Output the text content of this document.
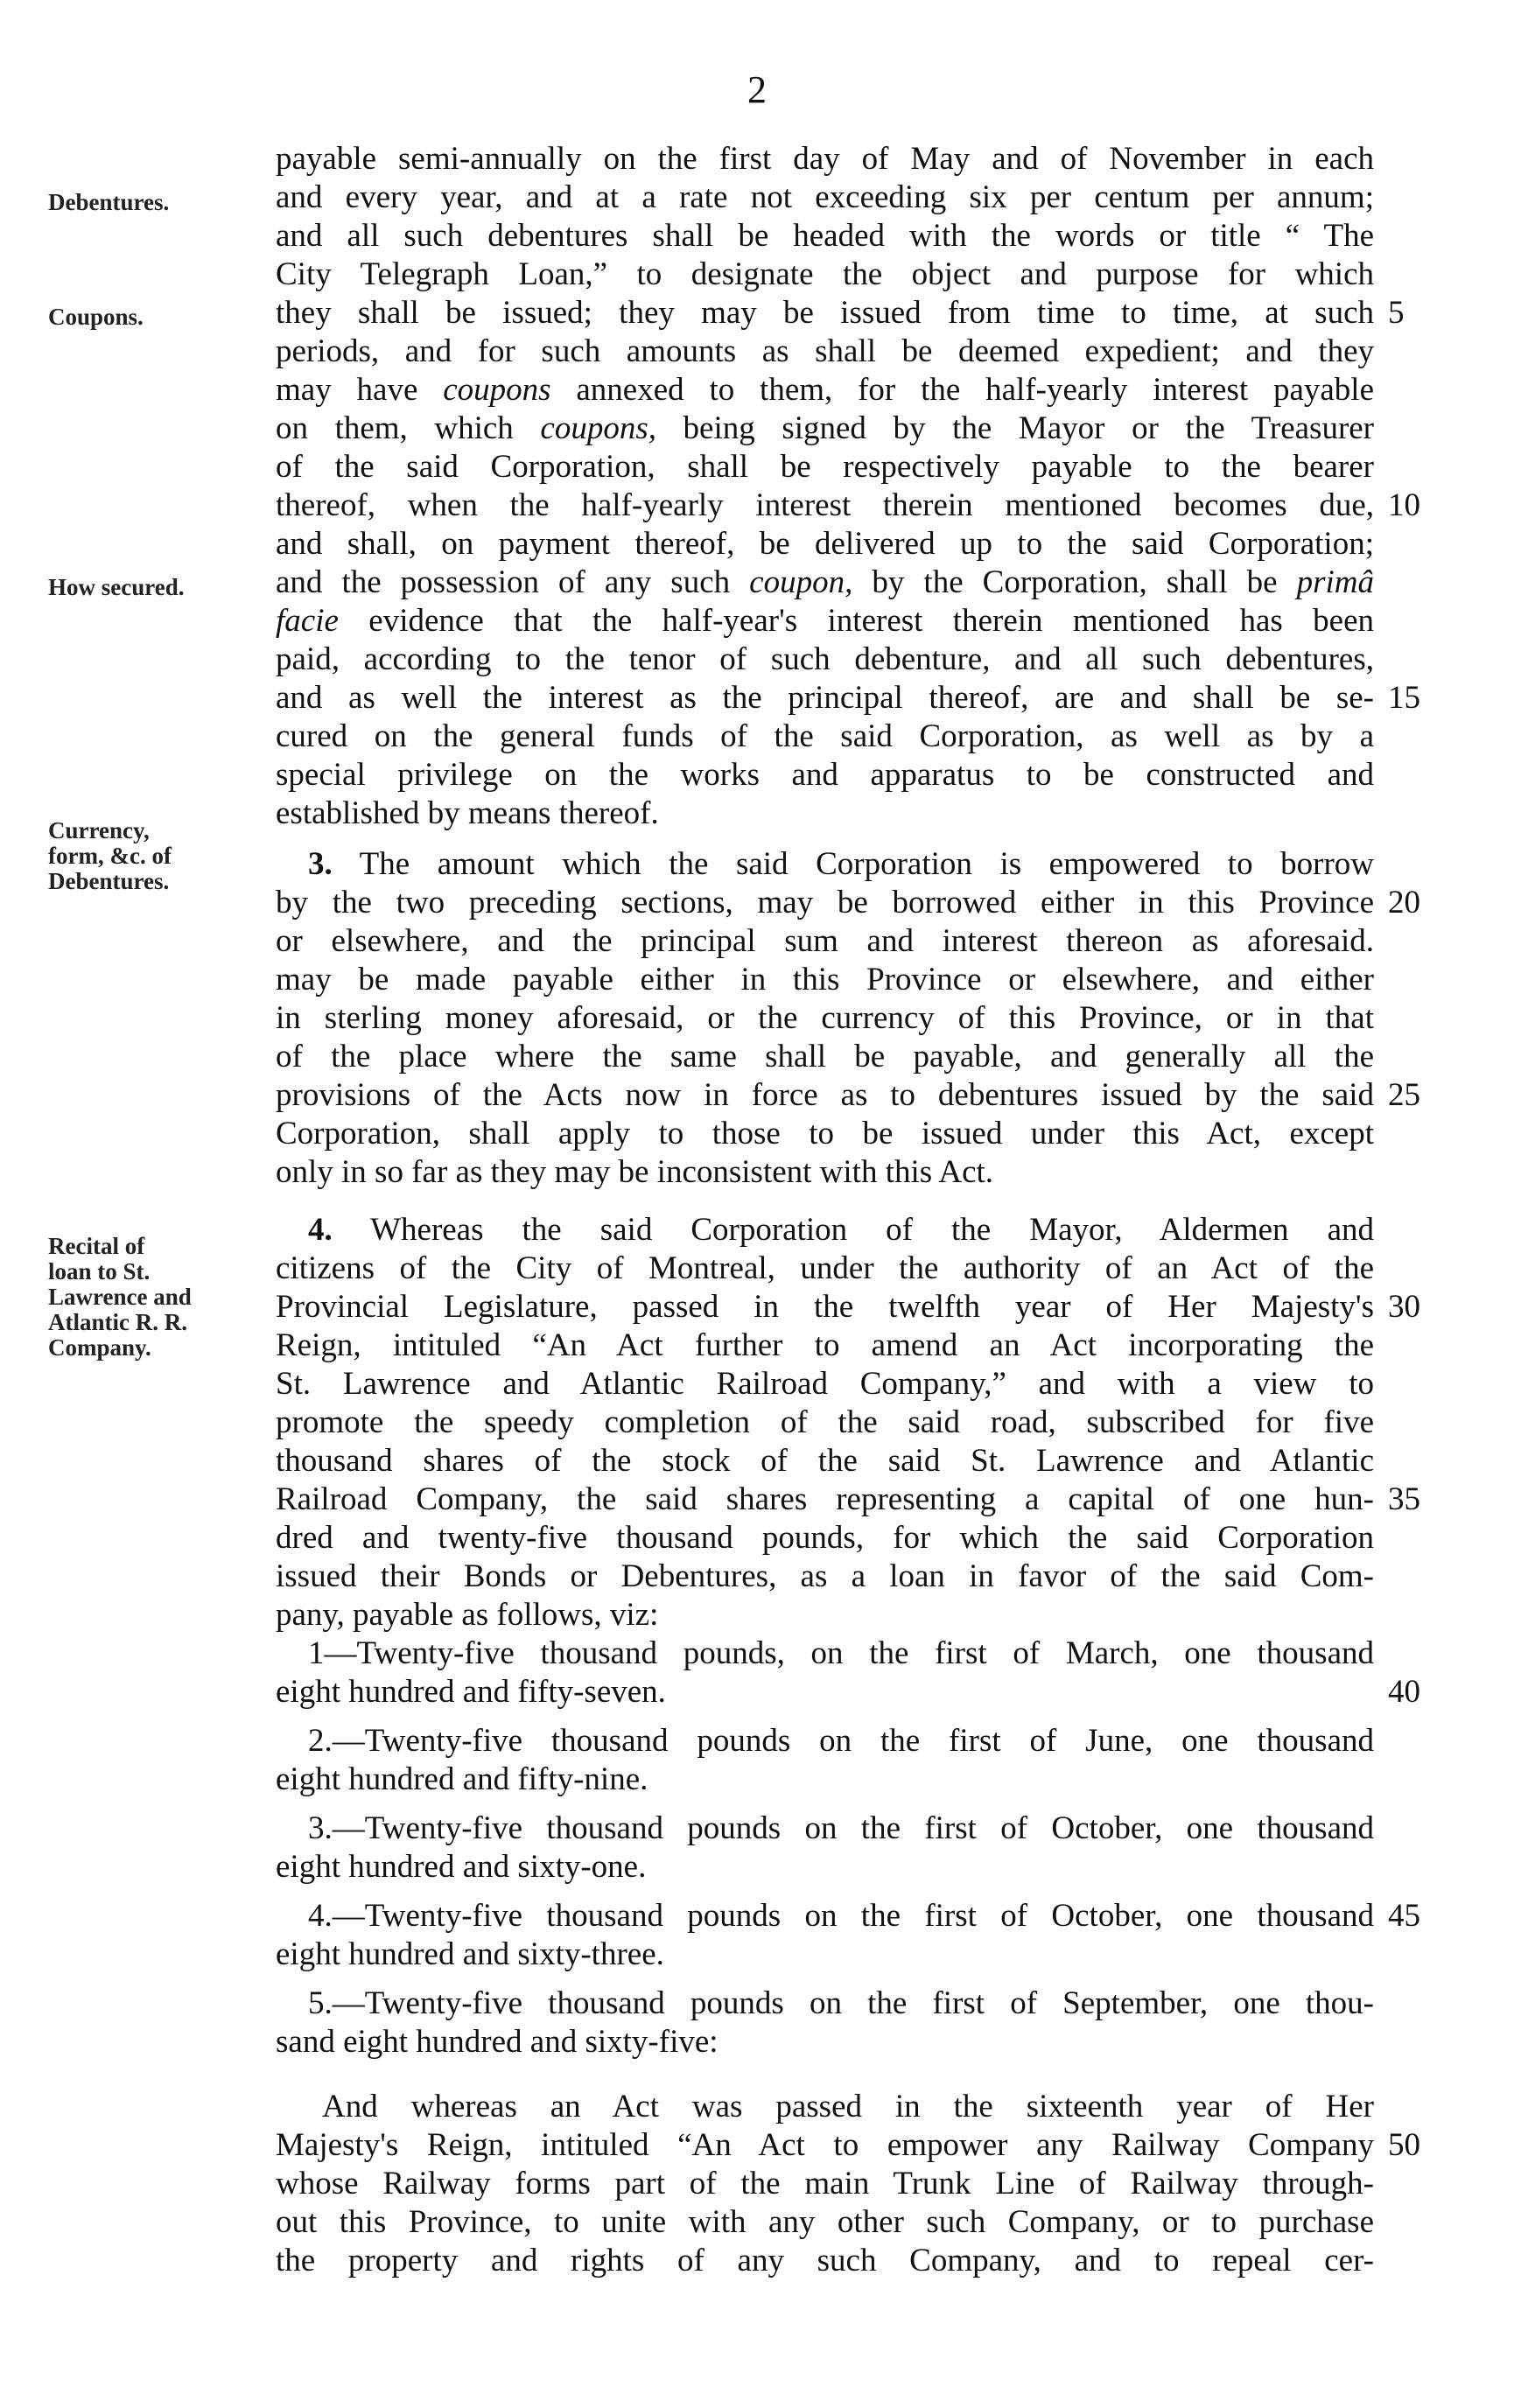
2
Debentures.
Coupons.
How secured.
Currency,
form, &c. of
Debentures.
Recital of
loan to St.
Lawrence and
Atlantic R. R.
Company.
payable semi-annually on the first day of May and of November in each
and every year, and at a rate not exceeding six per centum per annum;
and all such debentures shall be headed with the words or title “ The
City Telegraph Loan,” to designate the object and purpose for which
they shall be issued; they may be issued from time to time, at such 5
periods, and for such amounts as shall be deemed expedient; and they
may have coupons annexed to them, for the half-yearly interest payable
on them, which coupons, being signed by the Mayor or the Treasurer
of the said Corporation, shall be respectively payable to the bearer
thereof, when the half-yearly interest therein mentioned becomes due, 10
and shall, on payment thereof, be delivered up to the said Corporation;
and the possession of any such coupon, by the Corporation, shall be primâ
facie evidence that the half-year's interest therein mentioned has been
paid, according to the tenor of such debenture, and all such debentures,
and as well the interest as the principal thereof, are and shall be se- 15
cured on the general funds of the said Corporation, as well as by a
special privilege on the works and apparatus to be constructed and
established by means thereof.
3. The amount which the said Corporation is empowered to borrow
by the two preceding sections, may be borrowed either in this Province 20
or elsewhere, and the principal sum and interest thereon as aforesaid.
may be made payable either in this Province or elsewhere, and either
in sterling money aforesaid, or the currency of this Province, or in that
of the place where the same shall be payable, and generally all the
provisions of the Acts now in force as to debentures issued by the said 25
Corporation, shall apply to those to be issued under this Act, except
only in so far as they may be inconsistent with this Act.
4. Whereas the said Corporation of the Mayor, Aldermen and
citizens of the City of Montreal, under the authority of an Act of the
Provincial Legislature, passed in the twelfth year of Her Majesty's 30
Reign, intituled “An Act further to amend an Act incorporating the
St. Lawrence and Atlantic Railroad Company,” and with a view to
promote the speedy completion of the said road, subscribed for five
thousand shares of the stock of the said St. Lawrence and Atlantic
Railroad Company, the said shares representing a capital of one hun- 35
dred and twenty-five thousand pounds, for which the said Corporation
issued their Bonds or Debentures, as a loan in favor of the said Com-
pany, payable as follows, viz:
1—Twenty-five thousand pounds, on the first of March, one thousand
eight hundred and fifty-seven.	40
2.—Twenty-five thousand pounds on the first of June, one thousand
eight hundred and fifty-nine.
3.—Twenty-five thousand pounds on the first of October, one thousand
eight hundred and sixty-one.
4.—Twenty-five thousand pounds on the first of October, one thousand 45
eight hundred and sixty-three.
5.—Twenty-five thousand pounds on the first of September, one thou-
sand eight hundred and sixty-five:
And whereas an Act was passed in the sixteenth year of Her
Majesty's Reign, intituled “An Act to empower any Railway Company 50
whose Railway forms part of the main Trunk Line of Railway through-
out this Province, to unite with any other such Company, or to purchase
the property and rights of any such Company, and to repeal cer-
